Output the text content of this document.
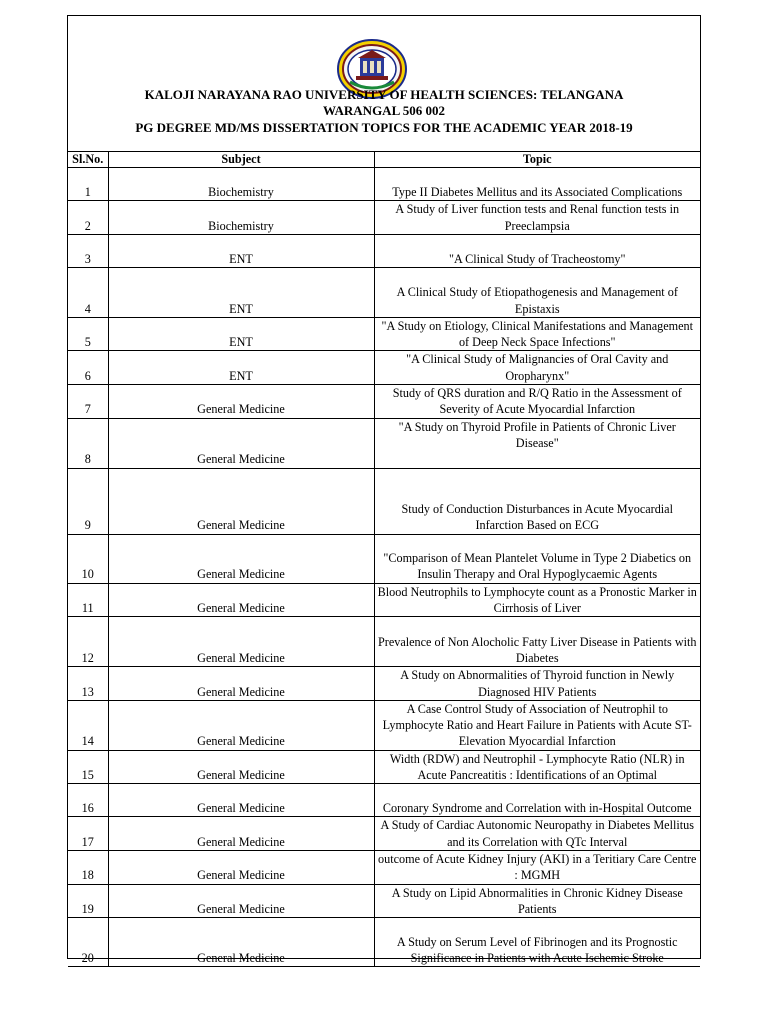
KALOJI NARAYANA RAO UNIVERSITY OF HEALTH SCIENCES: TELANGANA
WARANGAL 506 002
PG DEGREE MD/MS DISSERTATION TOPICS FOR THE ACADEMIC YEAR 2018-19
Sl.No.	Subject	Topic
1	Biochemistry	Type II Diabetes Mellitus and its Associated Complications
2	Biochemistry	A Study of Liver function tests and Renal function tests in Preeclampsia
3	ENT	"A Clinical Study of Tracheostomy"
4	ENT	A Clinical Study of Etiopathogenesis and Management of Epistaxis
5	ENT	"A Study on Etiology, Clinical Manifestations and Management of Deep Neck Space Infections"
6	ENT	"A Clinical Study of Malignancies of Oral Cavity and Oropharynx"
7	General Medicine	Study of QRS duration and R/Q Ratio in the Assessment of Severity of Acute Myocardial Infarction
8	General Medicine	"A Study on Thyroid Profile in Patients of Chronic Liver Disease"
9	General Medicine	Study of Conduction Disturbances in Acute Myocardial Infarction Based on ECG
10	General Medicine	"Comparison of Mean Plantelet Volume in Type 2 Diabetics on Insulin Therapy and Oral Hypoglycaemic Agents
11	General Medicine	Blood Neutrophils to Lymphocyte count as a Pronostic Marker in Cirrhosis of Liver
12	General Medicine	Prevalence of Non Alocholic Fatty Liver Disease in Patients with Diabetes
13	General Medicine	A Study on Abnormalities of Thyroid function in Newly Diagnosed HIV Patients
14	General Medicine	A Case Control Study of Association of Neutrophil to Lymphocyte Ratio and Heart Failure in Patients with Acute ST-Elevation Myocardial Infarction
15	General Medicine	Width (RDW) and Neutrophil - Lymphocyte Ratio (NLR) in Acute Pancreatitis : Identifications of an Optimal
16	General Medicine	Coronary Syndrome and Correlation with in-Hospital Outcome
17	General Medicine	A Study of Cardiac Autonomic Neuropathy in Diabetes Mellitus and its Correlation with QTc Interval
18	General Medicine	outcome of Acute Kidney Injury (AKI) in a Teritiary Care Centre : MGMH
19	General Medicine	A Study on Lipid Abnormalities in Chronic Kidney Disease Patients
20	General Medicine	A Study on Serum Level of Fibrinogen and its Prognostic Significance in Patients with Acute Ischemic Stroke
